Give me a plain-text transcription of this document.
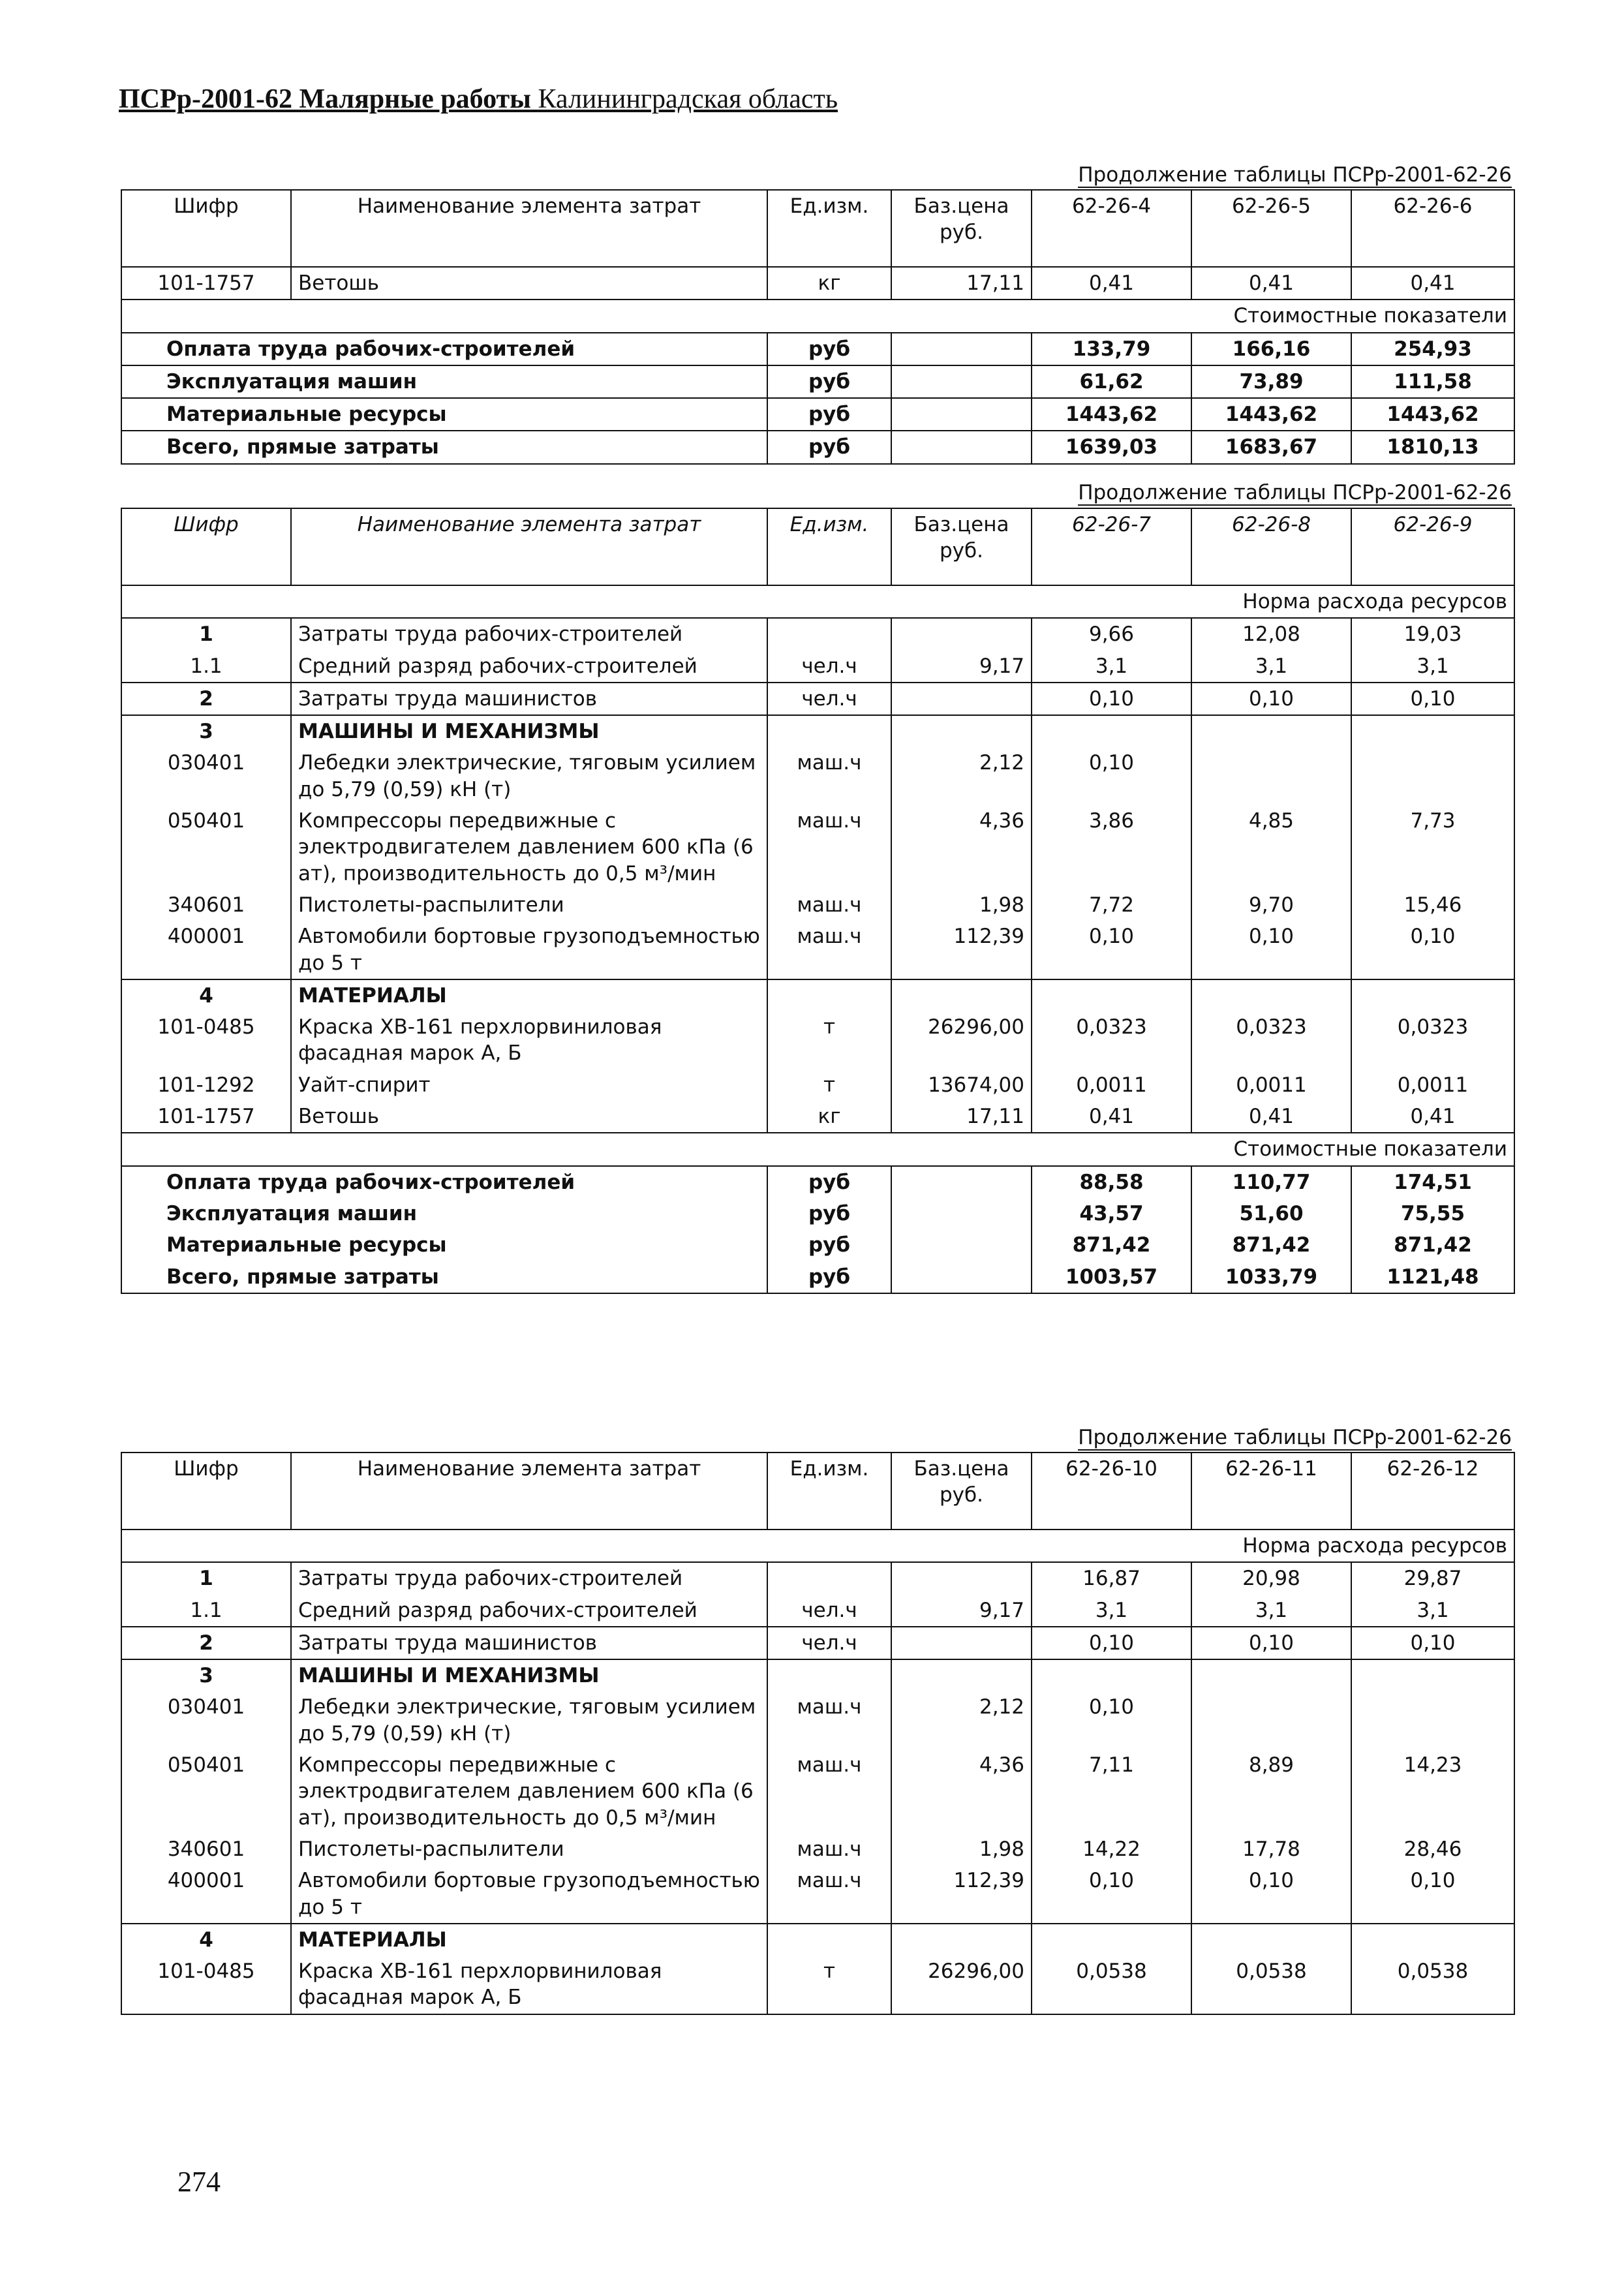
ПСРр-2001-62 Малярные работы Калининградская область
Продолжение таблицы ПСРр-2001-62-26
Шифр	Наименование элемента затрат	Ед.изм.	Баз.цена руб.	62-26-4	62-26-5	62-26-6
101-1757	Ветошь	кг	17,11	0,41	0,41	0,41
Стоимостные показатели						
Оплата труда рабочих-строителей		руб		133,79	166,16	254,93
Эксплуатация машин		руб		61,62	73,89	111,58
Материальные ресурсы		руб		1443,62	1443,62	1443,62
Всего, прямые затраты		руб		1639,03	1683,67	1810,13
Продолжение таблицы ПСРр-2001-62-26
Шифр	Наименование элемента затрат	Ед.изм.	Баз.цена руб.	62-26-7	62-26-8	62-26-9
Норма расхода ресурсов						
1	Затраты труда рабочих-строителей			9,66	12,08	19,03
1.1	Средний разряд рабочих-строителей	чел.ч	9,17	3,1	3,1	3,1
2	Затраты труда машинистов	чел.ч		0,10	0,10	0,10
3	МАШИНЫ И МЕХАНИЗМЫ					
030401	Лебедки электрические, тяговым усилием до 5,79 (0,59) кН (т)	маш.ч	2,12	0,10		
050401	Компрессоры передвижные с электродвигателем давлением 600 кПа (6 ат), производительность до 0,5 м³/мин	маш.ч	4,36	3,86	4,85	7,73
340601	Пистолеты-распылители	маш.ч	1,98	7,72	9,70	15,46
400001	Автомобили бортовые грузоподъемностью до 5 т	маш.ч	112,39	0,10	0,10	0,10
4	МАТЕРИАЛЫ					
101-0485	Краска ХВ-161 перхлорвиниловая фасадная марок А, Б	т	26296,00	0,0323	0,0323	0,0323
101-1292	Уайт-спирит	т	13674,00	0,0011	0,0011	0,0011
101-1757	Ветошь	кг	17,11	0,41	0,41	0,41
Стоимостные показатели						
Оплата труда рабочих-строителей		руб		88,58	110,77	174,51
Эксплуатация машин		руб		43,57	51,60	75,55
Материальные ресурсы		руб		871,42	871,42	871,42
Всего, прямые затраты		руб		1003,57	1033,79	1121,48
Продолжение таблицы ПСРр-2001-62-26
Шифр	Наименование элемента затрат	Ед.изм.	Баз.цена руб.	62-26-10	62-26-11	62-26-12
Норма расхода ресурсов						
1	Затраты труда рабочих-строителей			16,87	20,98	29,87
1.1	Средний разряд рабочих-строителей	чел.ч	9,17	3,1	3,1	3,1
2	Затраты труда машинистов	чел.ч		0,10	0,10	0,10
3	МАШИНЫ И МЕХАНИЗМЫ					
030401	Лебедки электрические, тяговым усилием до 5,79 (0,59) кН (т)	маш.ч	2,12	0,10		
050401	Компрессоры передвижные с электродвигателем давлением 600 кПа (6 ат), производительность до 0,5 м³/мин	маш.ч	4,36	7,11	8,89	14,23
340601	Пистолеты-распылители	маш.ч	1,98	14,22	17,78	28,46
400001	Автомобили бортовые грузоподъемностью до 5 т	маш.ч	112,39	0,10	0,10	0,10
4	МАТЕРИАЛЫ					
101-0485	Краска ХВ-161 перхлорвиниловая фасадная марок А, Б	т	26296,00	0,0538	0,0538	0,0538
274
